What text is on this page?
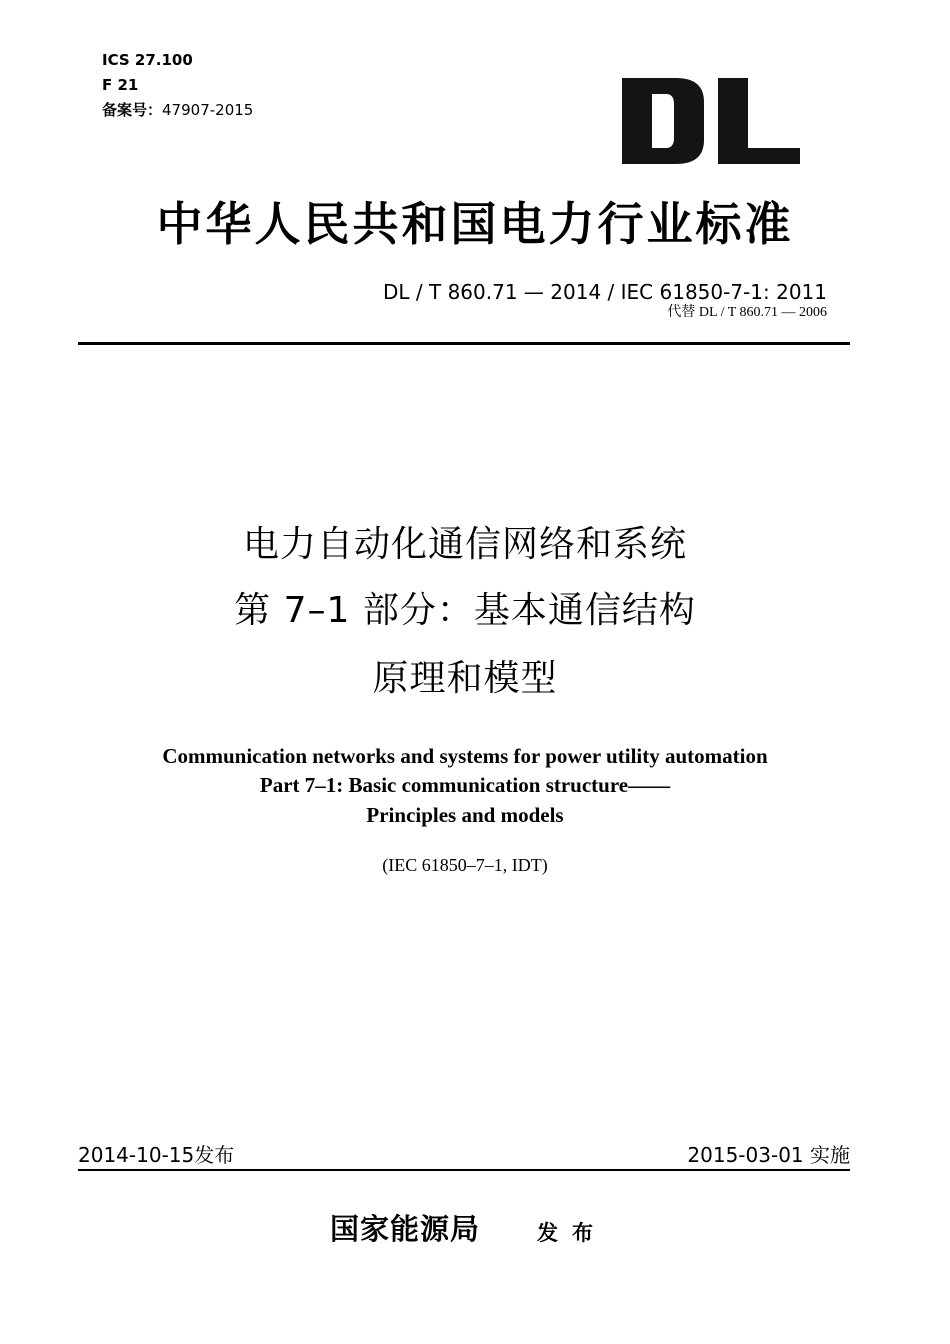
ICS 27.100
F 21
备案号：47907-2015
中华人民共和国电力行业标准
DL / T 860.71 — 2014 / IEC 61850-7-1: 2011
代替 DL / T 860.71 — 2006
电力自动化通信网络和系统
第 7–1 部分：基本通信结构
原理和模型
Communication networks and systems for power utility automation
Part 7–1: Basic communication structure——
Principles and models
(IEC 61850–7–1, IDT)
2014-10-15发布	2015-03-01 实施
国家能源局	发布
